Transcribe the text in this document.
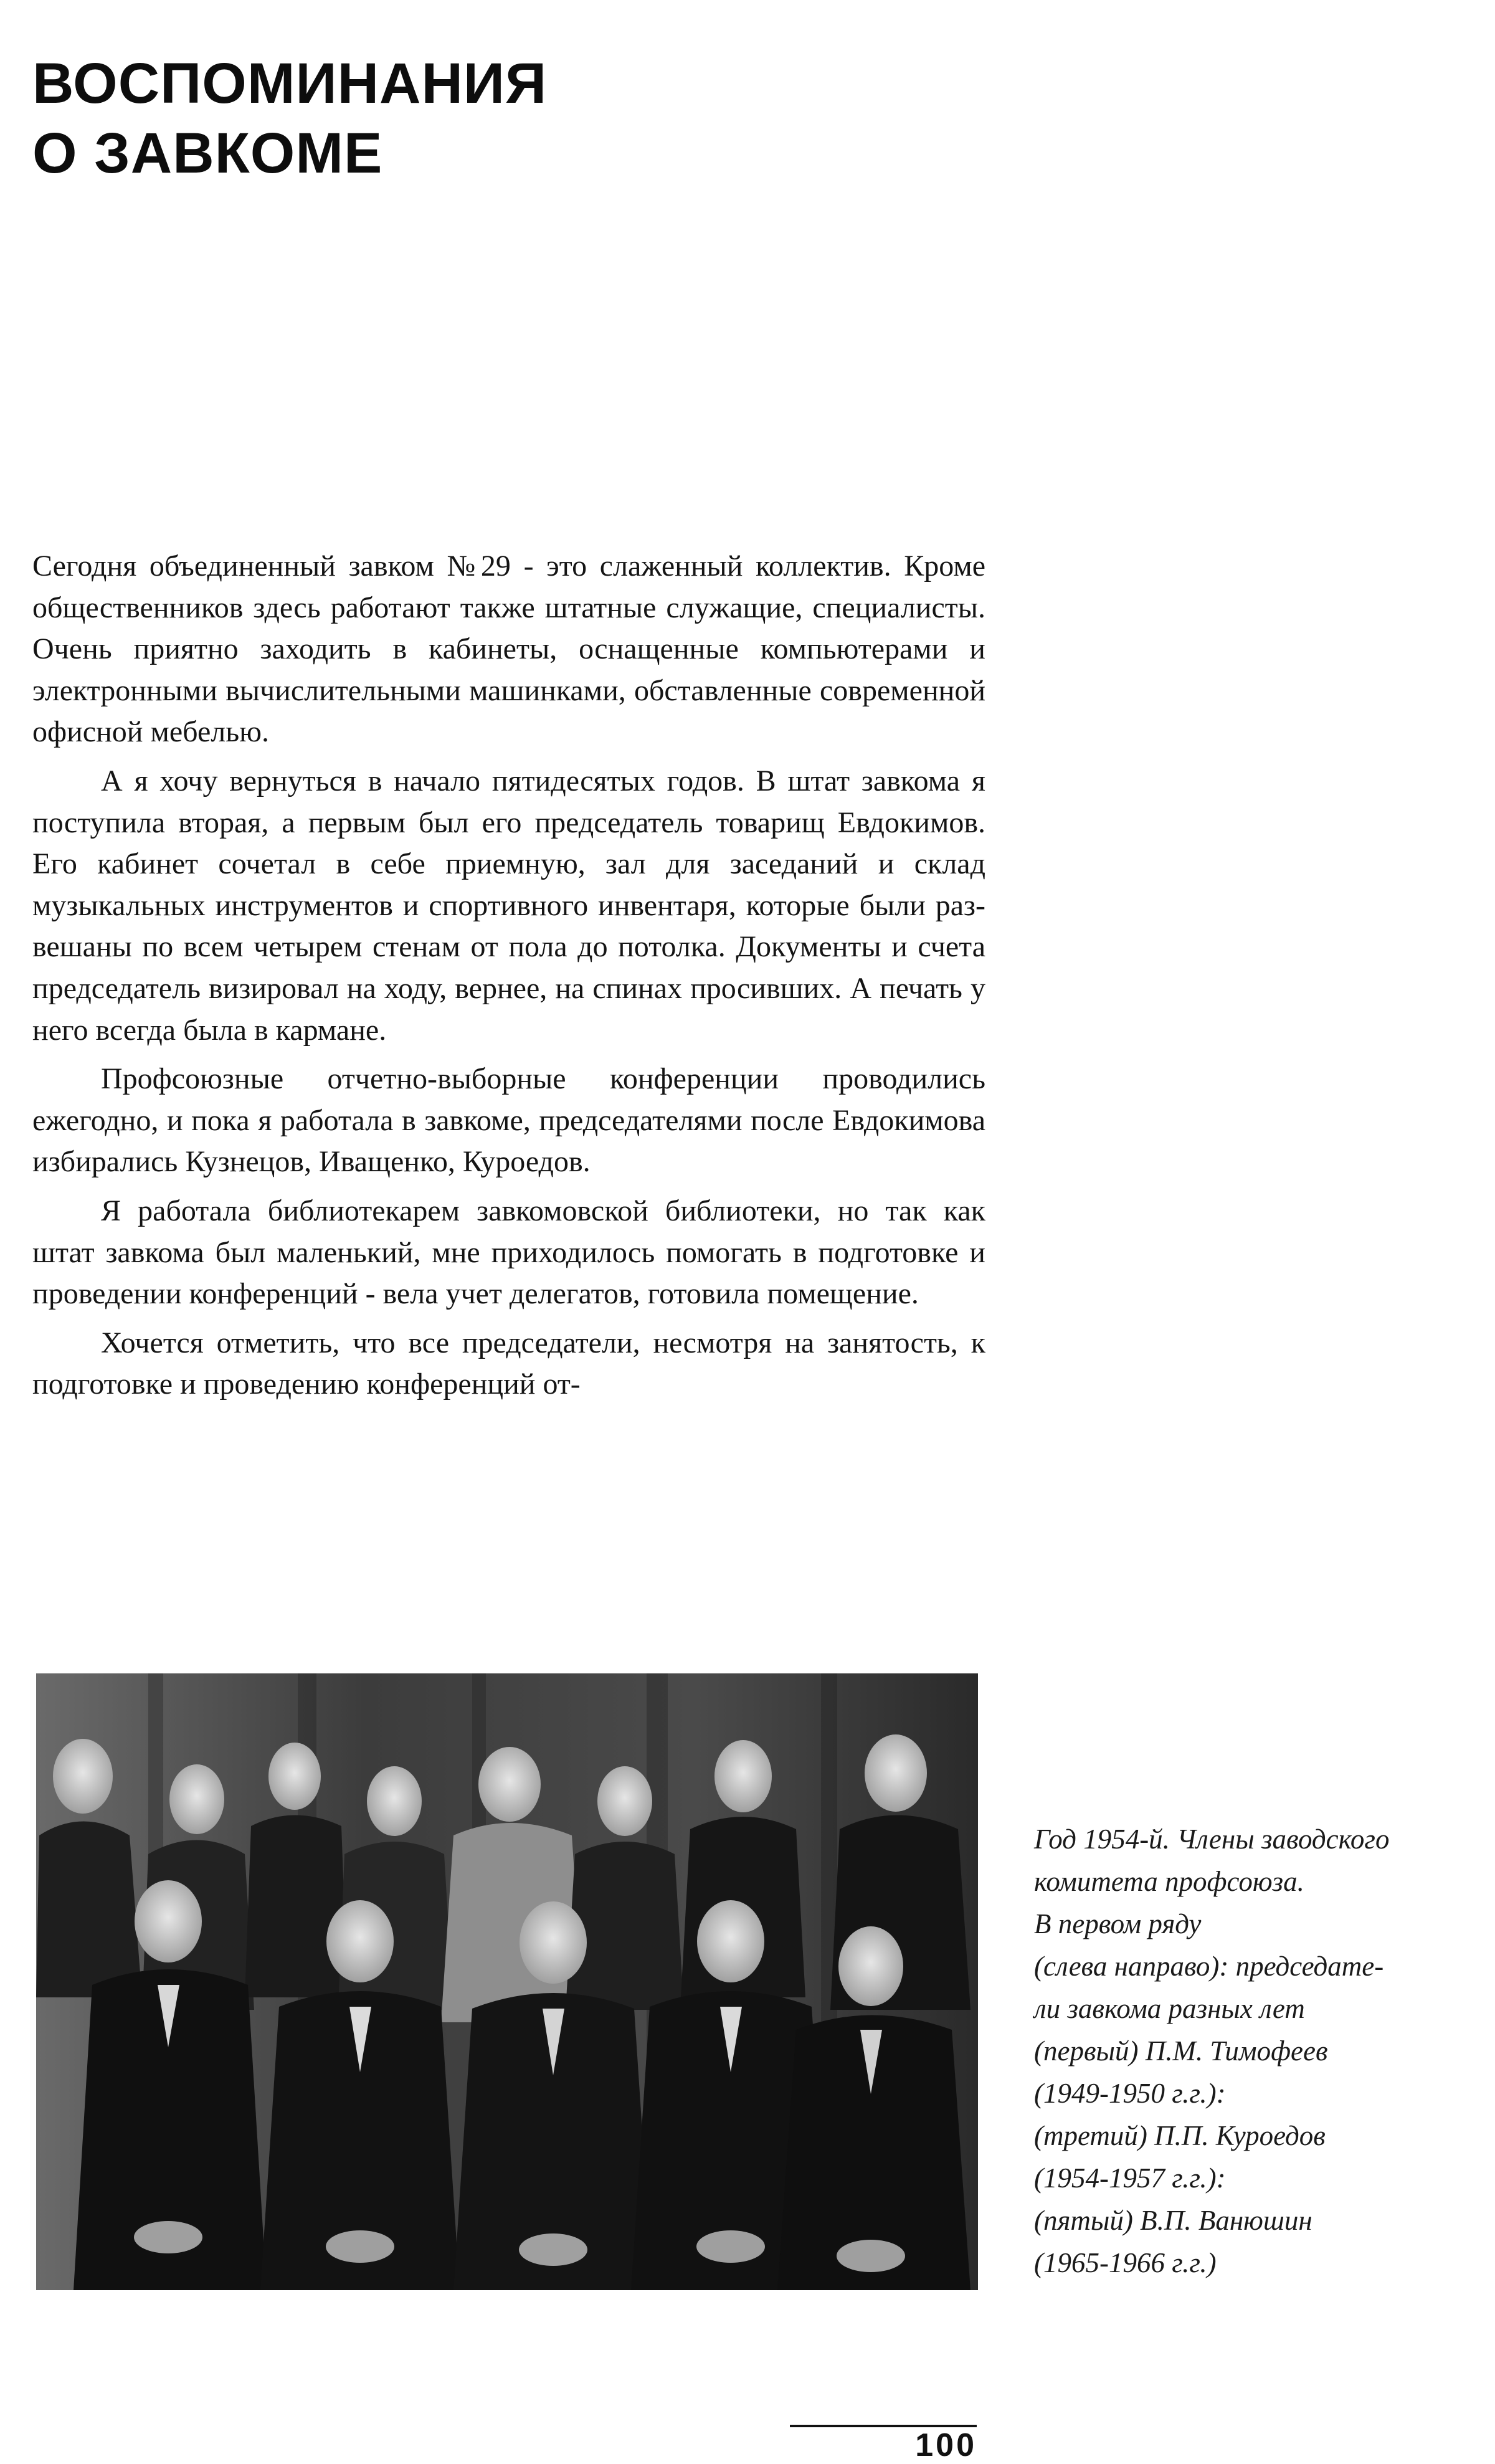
ВОСПОМИНАНИЯ
О ЗАВКОМЕ

Сегодня объединенный завком №29 - это слаженный коллектив. Кроме общественников здесь работают также штатные служащие, специалисты. Очень приятно заходить в кабинеты, оснащенные компьютерами и электронными вычислительными машинками, обставленные современной офисной мебелью.

А я хочу вернуться в начало пятидесятых годов. В штат завкома я поступила вторая, а первым был его председатель товарищ Евдокимов. Его кабинет сочетал в себе приемную, зал для заседаний и склад музыкальных инструментов и спортивного инвентаря, которые были развешаны по всем четырем стенам от пола до потолка. Документы и счета председатель визировал на ходу, вернее, на спинах просивших. А печать у него всегда была в кармане.

Профсоюзные отчетно-выборные конференции проводились ежегодно, и пока я работала в завкоме, председателями после Евдокимова избирались Кузнецов, Иващенко, Куроедов.

Я работала библиотекарем завкомовской библиотеки, но так как штат завкома был маленький, мне приходилось помогать в подготовке и проведении конференций - вела учет делегатов, готовила помещение.

Хочется отметить, что все председатели, несмотря на занятость, к подготовке и проведению конференций от-

Год 1954-й. Члены заводского
комитета профсоюза.
В первом ряду
(слева направо): председате-
ли завкома разных лет
(первый) П.М. Тимофеев
(1949-1950 г.г.):
(третий) П.П. Куроедов
(1954-1957 г.г.):
(пятый) В.П. Ванюшин
(1965-1966 г.г.)
100
